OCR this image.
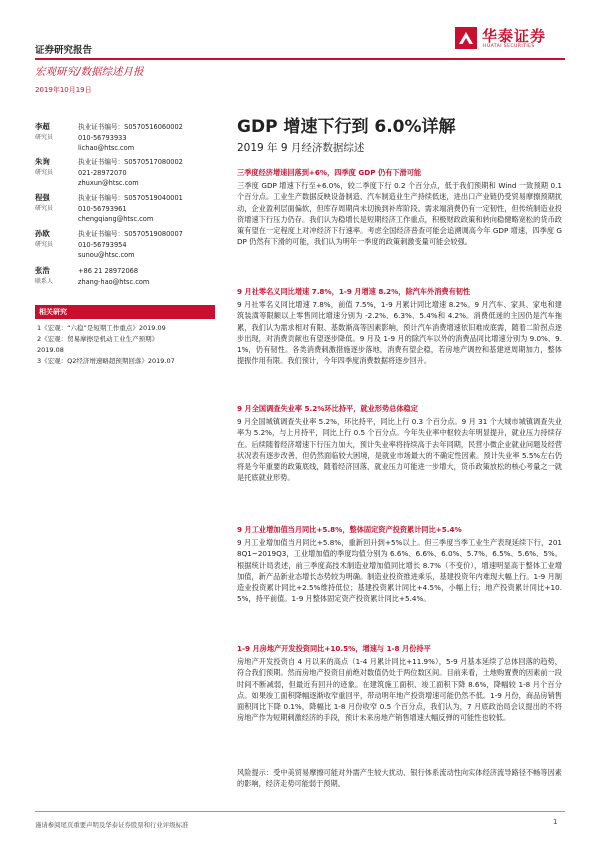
证券研究报告
华泰证券
HUATAI SECURITIES
宏观研究/数据综述月报
2019年10月19日
李超
研究员
执业证书编号：S0570516060002
010-56793933
lichao@htsc.com
朱询
研究员
执业证书编号：S0570517080002
021-28972070
zhuxun@htsc.com
程强
研究员
执业证书编号：S0570519040001
010-56793961
chengqiang@htsc.com
孙欧
研究员
执业证书编号：S0570519080007
010-56793954
sunou@htsc.com
张浩
联系人
+86 21 28972068
zhang-hao@htsc.com
相关研究
1《宏观：“六稳”是短期工作重点》2019.09
2《宏观：贸易摩擦是机动工业生产预期》
2019.08
3《宏观：Q2经济增速略超预期回落》2019.07
GDP 增速下行到 6.0%详解
2019 年 9 月经济数据综述
三季度经济增速回落到+6%，四季度 GDP 仍有下滑可能
三季度 GDP 增速下行至+6.0%，较二季度下行 0.2 个百分点，低于我们预期和 Wind 一致预期 0.1 个百分点。工业生产数据反映设备制造、汽车制造业生产持续低迷，进出口产业链仍受贸易摩擦预期扰动，企业盈利层面偏软，但库存周期尚未切换到补库阶段。需求端消费仍有一定韧性，但传统制造业投资增速下行压力仍存。我们认为稳增长是短期经济工作重点，积极财政政策和转向稳健略宽松的货币政策有望在一定程度上对冲经济下行速率。考虑全国经济普查可能会追溯调高今年 GDP 增速，四季度 GDP 仍然有下滑的可能，我们认为明年一季度的政策刺激变量可能会较强。
9 月社零名义同比增速 7.8%，1-9 月增速 8.2%，除汽车外消费有韧性
9 月社零名义同比增速 7.8%，前值 7.5%，1-9 月累计同比增速 8.2%。9 月汽车、家具、家电和建筑装潢等限额以上零售同比增速分别为 -2.2%、6.3%、5.4%和 4.2%。消费低迷的主因仍是汽车拖累，我们认为需求相对有限、基数渐高等因素影响，预计汽车消费增速依旧难成底需，随着二阶拐点逐步出现，对消费贡献也有望逐步降低。9 月及 1-9 月的除汽车以外的消费品同比增速分别为 9.0%、9.1%，仍有韧性。各类消费刺激措施逐步落地，消费有望企稳，若房地产调控和基建逆周期加力，整体提振作用有限。我们预计，今年四季度消费数据将逐步回升。
9 月全国调查失业率 5.2%环比持平，就业形势总体稳定
9 月全国城镇调查失业率 5.2%，环比持平，同比上行 0.3 个百分点。9 月 31 个大城市城镇调查失业率为 5.2%，与上月持平，同比上行 0.5 个百分点。今年失业率中枢较去年明显提升，就业压力持续存在。后续随着经济增速下行压力加大，预计失业率将持续高于去年同期，民营小微企业就业问题及经营状况表有逐步改善，但仍然面临较大困境，是就业市场最大的不确定性因素。预计失业率 5.5%左右仍将是今年重要的政策底线，随着经济回落，就业压力可能进一步增大，货币政策放松的核心考量之一就是托底就业形势。
9 月工业增加值当月同比+5.8%，整体固定资产投资累计同比+5.4%
9 月工业增加值当月同比+5.8%，重新回升到+5%以上。但三季度当季工业生产表现延续下行，2018Q1~2019Q3，工业增加值的季度均值分别为 6.6%、6.6%、6.0%、5.7%、6.5%、5.6%、5%。根据统计局表述，前三季度高技术制造业增加值同比增长 8.7%（不变价），增速明显高于整体工业增加值，新产品新业态增长态势较为明确。制造业投资推进乘乐，基建投资年内难现大幅上行。1-9 月制造业投资累计同比+2.5%维持低位；基建投资累计同比+4.5%，小幅上行；地产投资累计同比+10.5%，持平前值。1-9 月整体固定资产投资累计同比+5.4%。
1-9 月房地产开发投资同比+10.5%，增速与 1-8 月份持平
房地产开发投资自 4 月以来的高点（1-4 月累计同比+11.9%），5-9 月基本延续了总体回落的趋势，符合我们预期。然而房地产投资目前绝对数值仍处于两位数区间。目前来看，土地购置费的因素前一段时间不断减弱，但最近有回升的迹象。在建筑施工面积、竣工面积下降 8.6%，降幅较 1-8 月个百分点。如果竣工面积降幅逐渐收窄重回平，带动明年地产投资增速可能仍然不低。1-9 月份，商品房销售面积同比下降 0.1%，降幅比 1-8 月份收窄 0.5 个百分点，我们认为，7 月底政治局会议提出的不将房地产作为短期刺激经济的手段，预计未来房地产销售增速大幅反弹的可能性也较低。
风险提示：受中美贸易摩擦可能对外需产生较大扰动、银行体系流动性向实体经济流导路径不畅等因素的影响，经济走势可能弱于预期。
谨请参阅尾页重要声明及华泰证券股票和行业评级标准	1
